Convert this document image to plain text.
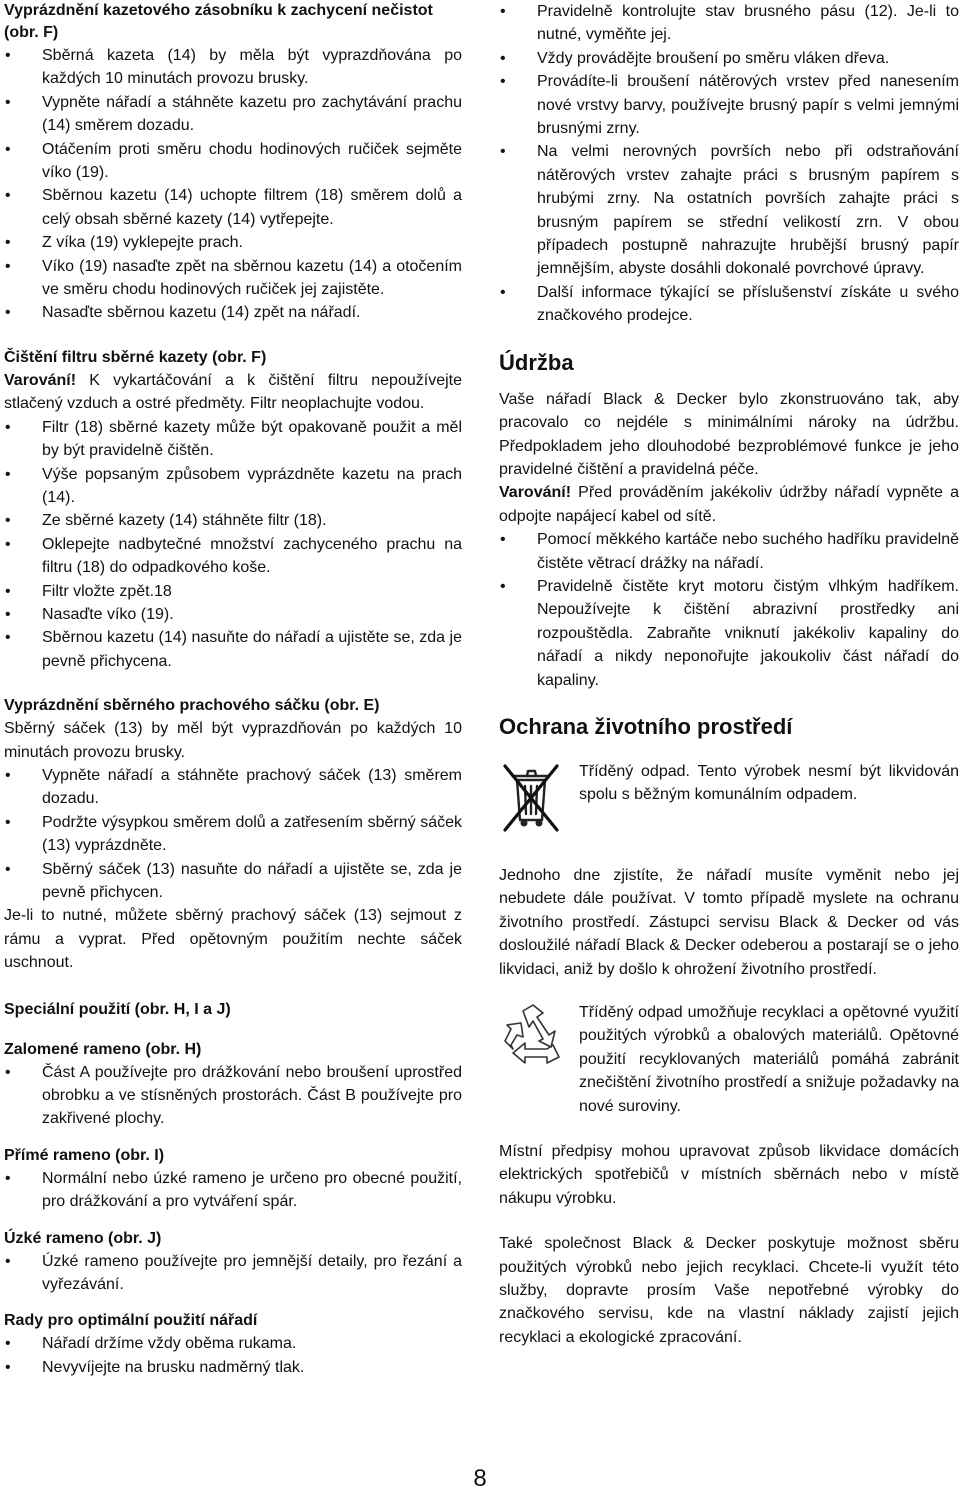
Vyprázdnění kazetového zásobníku k zachycení nečistot (obr. F)
• Sběrná kazeta (14) by měla být vyprazdňována po každých 10 minutách provozu brusky.
• Vypněte nářadí a stáhněte kazetu pro zachytávání prachu (14) směrem dozadu.
• Otáčením proti směru chodu hodinových ručiček sejměte víko (19).
• Sběrnou kazetu (14) uchopte filtrem (18) směrem dolů a celý obsah sběrné kazety (14) vytřepejte.
• Z víka (19) vyklepejte prach.
• Víko (19) nasaďte zpět na sběrnou kazetu (14) a otočením ve směru chodu hodinových ručiček jej zajistěte.
• Nasaďte sběrnou kazetu (14) zpět na nářadí.
Čištění filtru sběrné kazety (obr. F)

Varování! K vykartáčování a k čištění filtru nepoužívejte stlačený vzduch a ostré předměty. Filtr neoplachujte vodou.

• Filtr (18) sběrné kazety může být opakovaně použit a měl by být pravidelně čištěn.
• Výše popsaným způsobem vyprázdněte kazetu na prach (14).
• Ze sběrné kazety (14) stáhněte filtr (18).
• Oklepejte nadbytečné množství zachyceného prachu na filtru (18) do odpadkového koše.
• Filtr vložte zpět.18
• Nasaďte víko (19).
• Sběrnou kazetu (14) nasuňte do nářadí a ujistěte se, zda je pevně přichycena.
Vyprázdnění sběrného prachového sáčku (obr. E)

Sběrný sáček (13) by měl být vyprazdňován po každých 10 minutách provozu brusky.

• Vypněte nářadí a stáhněte prachový sáček (13) směrem dozadu.
• Podržte výsypkou směrem dolů a zatřesením sběrný sáček (13) vyprázdněte.
• Sběrný sáček (13) nasuňte do nářadí a ujistěte se, zda je pevně přichycen.

Je-li to nutné, můžete sběrný prachový sáček (13) sejmout z rámu a vyprat. Před opětovným použitím nechte sáček uschnout.

Speciální použití (obr. H, I a J)
Zalomené rameno (obr. H)
• Část A používejte pro drážkování nebo broušení uprostřed obrobku a ve stísněných prostorách. Část B používejte pro zakřivené plochy.
Přímé rameno (obr. I)
• Normální nebo úzké rameno je určeno pro obecné použití, pro drážkování a pro vytváření spár.
Úzké rameno (obr. J)
• Úzké rameno používejte pro jemnější detaily, pro řezání a vyřezávání.
Rady pro optimální použití nářadí
• Nářadí držíme vždy oběma rukama.
• Nevyvíjejte na brusku nadměrný tlak.
• Pravidelně kontrolujte stav brusného pásu (12). Je-li to nutné, vyměňte jej.
• Vždy provádějte broušení po směru vláken dřeva.
• Provádíte-li broušení nátěrových vrstev před nanesením nové vrstvy barvy, používejte brusný papír s velmi jemnými brusnými zrny.
• Na velmi nerovných površích nebo při odstraňování nátěrových vrstev zahajte práci s brusným papírem s hrubými zrny. Na ostatních površích zahajte práci s brusným papírem se střední velikostí zrn. V obou případech postupně nahrazujte hrubější brusný papír jemnějším, abyste dosáhli dokonalé povrchové úpravy.
• Další informace týkající se příslušenství získáte u svého značkového prodejce.
Údržba

Vaše nářadí Black & Decker bylo zkonstruováno tak, aby pracovalo co nejdéle s minimálními nároky na údržbu. Předpokladem jeho dlouhodobé bezproblémové funkce je jeho pravidelné čištění a pravidelná péče.

Varování! Před prováděním jakékoliv údržby nářadí vypněte a odpojte napájecí kabel od sítě.

• Pomocí měkkého kartáče nebo suchého hadříku pravidelně čistěte větrací drážky na nářadí.
• Pravidelně čistěte kryt motoru čistým vlhkým hadříkem. Nepoužívejte k čištění abrazivní prostředky ani rozpouštědla. Zabraňte vniknutí jakékoliv kapaliny do nářadí a nikdy neponořujte jakoukoliv část nářadí do kapaliny.
Ochrana životního prostředí

Tříděný odpad. Tento výrobek nesmí být likvidován spolu s běžným komunálním odpadem.

Jednoho dne zjistíte, že nářadí musíte vyměnit nebo jej nebudete dále používat. V tomto případě myslete na ochranu životního prostředí. Zástupci servisu Black & Decker od vás dosloužilé nářadí Black & Decker odeberou a postarají se o jeho likvidaci, aniž by došlo k ohrožení životního prostředí.

Tříděný odpad umožňuje recyklaci a opětovné využití použitých výrobků a obalových materiálů. Opětovné použití recyklovaných materiálů pomáhá zabránit znečištění životního prostředí a snižuje požadavky na nové suroviny.

Místní předpisy mohou upravovat způsob likvidace domácích elektrických spotřebičů v místních sběrnách nebo v místě nákupu výrobku.

Také společnost Black & Decker poskytuje možnost sběru použitých výrobků nebo jejich recyklaci. Chcete-li využít této služby, dopravte prosím Vaše nepotřebné výrobky do značkového servisu, kde na vlastní náklady zajistí jejich recyklaci a ekologické zpracování.

8
